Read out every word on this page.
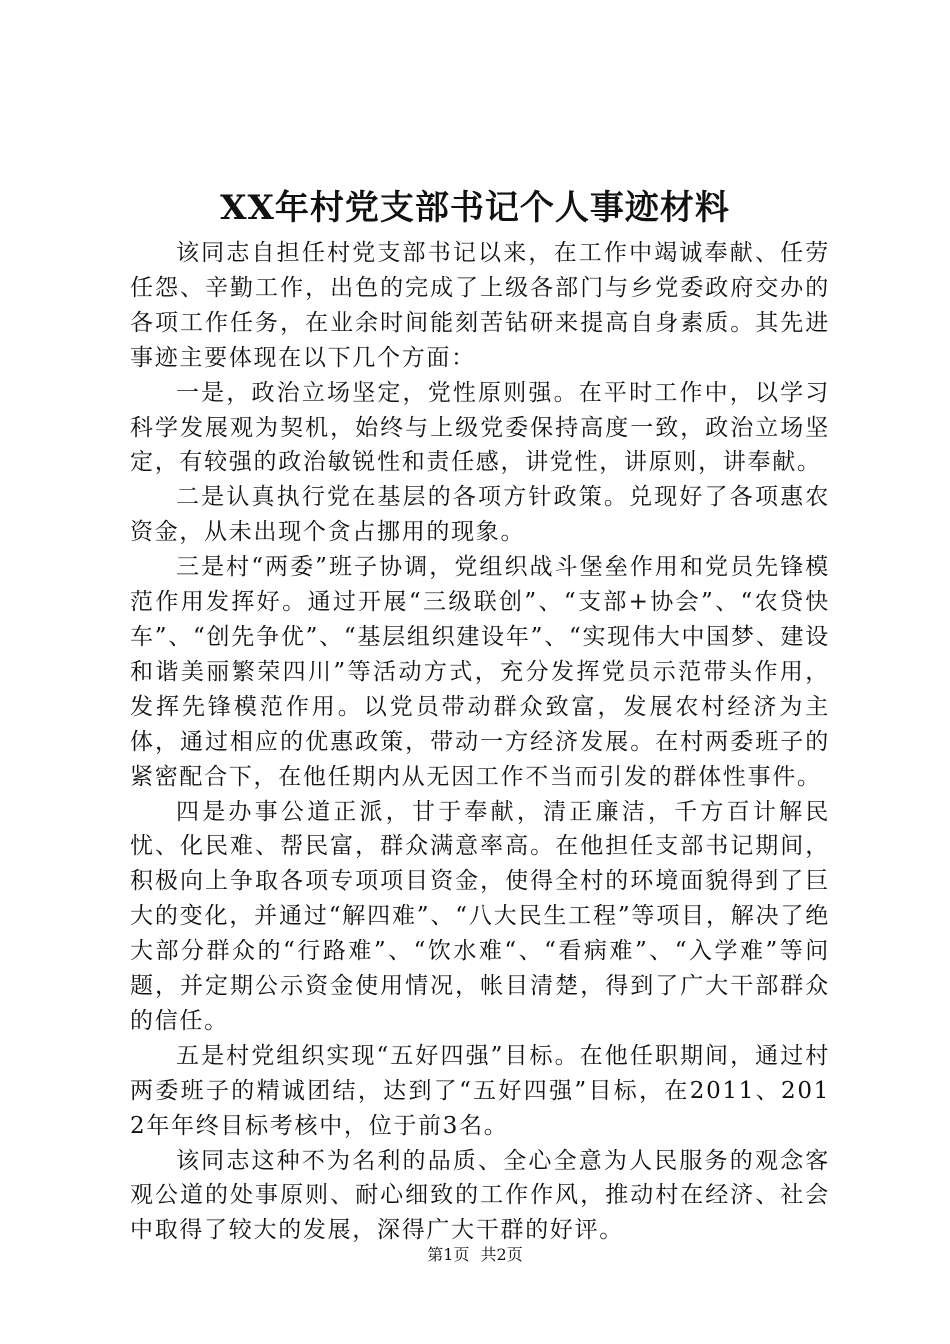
XX年村党支部书记个人事迹材料

该同志自担任村党支部书记以来，在工作中竭诚奉献、任劳任怨、辛勤工作，出色的完成了上级各部门与乡党委政府交办的各项工作任务，在业余时间能刻苦钻研来提高自身素质。其先进事迹主要体现在以下几个方面：

一是，政治立场坚定，党性原则强。在平时工作中，以学习科学发展观为契机，始终与上级党委保持高度一致，政治立场坚定，有较强的政治敏锐性和责任感，讲党性，讲原则，讲奉献。

二是认真执行党在基层的各项方针政策。兑现好了各项惠农资金，从未出现个贪占挪用的现象。

三是村“两委”班子协调，党组织战斗堡垒作用和党员先锋模范作用发挥好。通过开展“三级联创”、“支部+协会”、“农贷快车”、“创先争优”、“基层组织建设年”、“实现伟大中国梦、建设和谐美丽繁荣四川”等活动方式，充分发挥党员示范带头作用，发挥先锋模范作用。以党员带动群众致富，发展农村经济为主体，通过相应的优惠政策，带动一方经济发展。在村两委班子的紧密配合下，在他任期内从无因工作不当而引发的群体性事件。

四是办事公道正派，甘于奉献，清正廉洁，千方百计解民忧、化民难、帮民富，群众满意率高。在他担任支部书记期间，积极向上争取各项专项项目资金，使得全村的环境面貌得到了巨大的变化，并通过“解四难”、“八大民生工程”等项目，解决了绝大部分群众的“行路难”、“饮水难“、“看病难”、“入学难”等问题，并定期公示资金使用情况，帐目清楚，得到了广大干部群众的信任。

五是村党组织实现“五好四强”目标。在他任职期间，通过村两委班子的精诚团结，达到了“五好四强”目标，在2011、2012年年终目标考核中，位于前3名。

该同志这种不为名利的品质、全心全意为人民服务的观念客观公道的处事原则、耐心细致的工作作风，推动村在经济、社会中取得了较大的发展，深得广大干群的好评。

第1页 共2页
